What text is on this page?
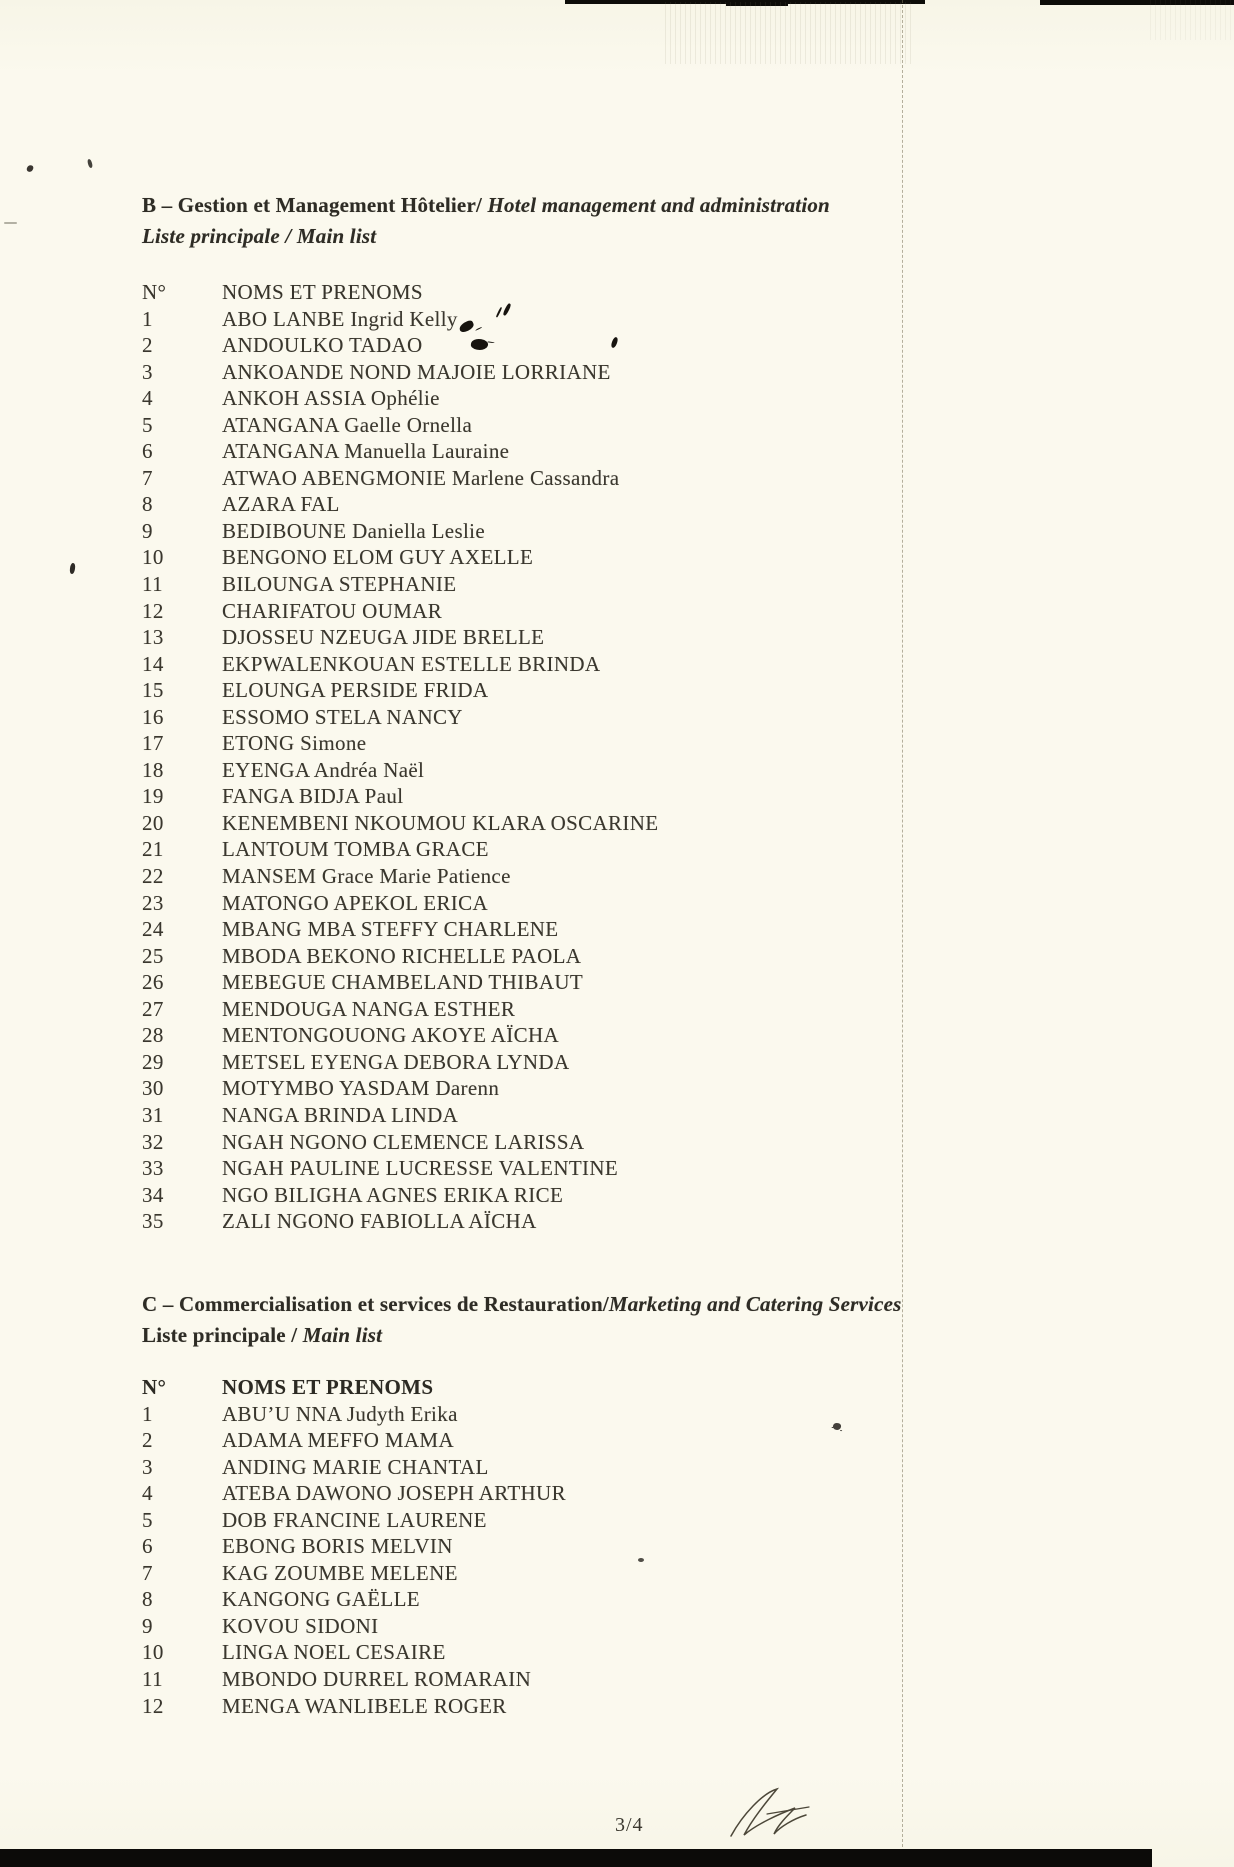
B – Gestion et Management Hôtelier/ Hotel management and administration
Liste principale / Main list
N°	NOMS ET PRENOMS
1	ABO LANBE Ingrid Kelly
2	ANDOULKO TADAO
3	ANKOANDE NOND MAJOIE LORRIANE
4	ANKOH ASSIA Ophélie
5	ATANGANA Gaelle Ornella
6	ATANGANA Manuella Lauraine
7	ATWAO ABENGMONIE Marlene Cassandra
8	AZARA FAL
9	BEDIBOUNE Daniella Leslie
10	BENGONO ELOM GUY AXELLE
11	BILOUNGA STEPHANIE
12	CHARIFATOU OUMAR
13	DJOSSEU NZEUGA JIDE BRELLE
14	EKPWALENKOUAN ESTELLE BRINDA
15	ELOUNGA PERSIDE FRIDA
16	ESSOMO STELA NANCY
17	ETONG Simone
18	EYENGA Andréa Naël
19	FANGA BIDJA Paul
20	KENEMBENI NKOUMOU KLARA OSCARINE
21	LANTOUM TOMBA GRACE
22	MANSEM Grace Marie Patience
23	MATONGO APEKOL ERICA
24	MBANG MBA STEFFY CHARLENE
25	MBODA BEKONO RICHELLE PAOLA
26	MEBEGUE CHAMBELAND THIBAUT
27	MENDOUGA NANGA ESTHER
28	MENTONGOUONG AKOYE AÏCHA
29	METSEL EYENGA DEBORA LYNDA
30	MOTYMBO YASDAM Darenn
31	NANGA BRINDA LINDA
32	NGAH NGONO CLEMENCE LARISSA
33	NGAH PAULINE LUCRESSE VALENTINE
34	NGO BILIGHA AGNES ERIKA RICE
35	ZALI NGONO FABIOLLA AÏCHA
C – Commercialisation et services de Restauration/Marketing and Catering Services
Liste principale / Main list
N°	NOMS ET PRENOMS
1	ABU’U NNA Judyth Erika
2	ADAMA MEFFO MAMA
3	ANDING MARIE CHANTAL
4	ATEBA DAWONO JOSEPH ARTHUR
5	DOB FRANCINE LAURENE
6	EBONG BORIS MELVIN
7	KAG ZOUMBE MELENE
8	KANGONG GAËLLE
9	KOVOU SIDONI
10	LINGA NOEL CESAIRE
11	MBONDO DURREL ROMARAIN
12	MENGA WANLIBELE ROGER
3/4
